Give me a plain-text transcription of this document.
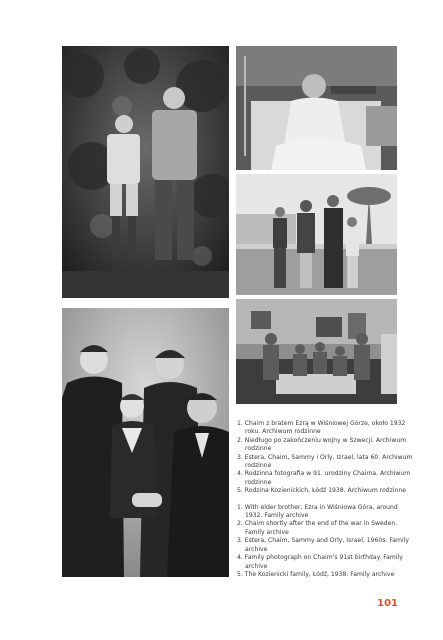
1. Chaim z bratem Ezrą w Wiśniowej Górze, około 1932 roku. Archiwum rodzinne
2. Niedługo po zakończeniu wojny w Szwecji. Archiwum rodzinne
3. Estera, Chaim, Sammy i Orly, Izrael, lata 60. Archiwum rodzinne
4. Rodzinna fotografia w 91. urodziny Chaima. Archiwum rodzinne
5. Rodzina Kozienickich, Łódź 1938. Archiwum rodzinne
1. With elder brother, Ezra in Wiśniowa Góra, around 1932. Family archive
2. Chaim shortly after the end of the war in Sweden. Family archive
3. Estera, Chaim, Sammy and Orly, Israel, 1960s. Family archive
4. Family photograph on Chaim's 91st birthday. Family archive
5. The Kozienicki family, Łódź, 1938. Family archive
101
